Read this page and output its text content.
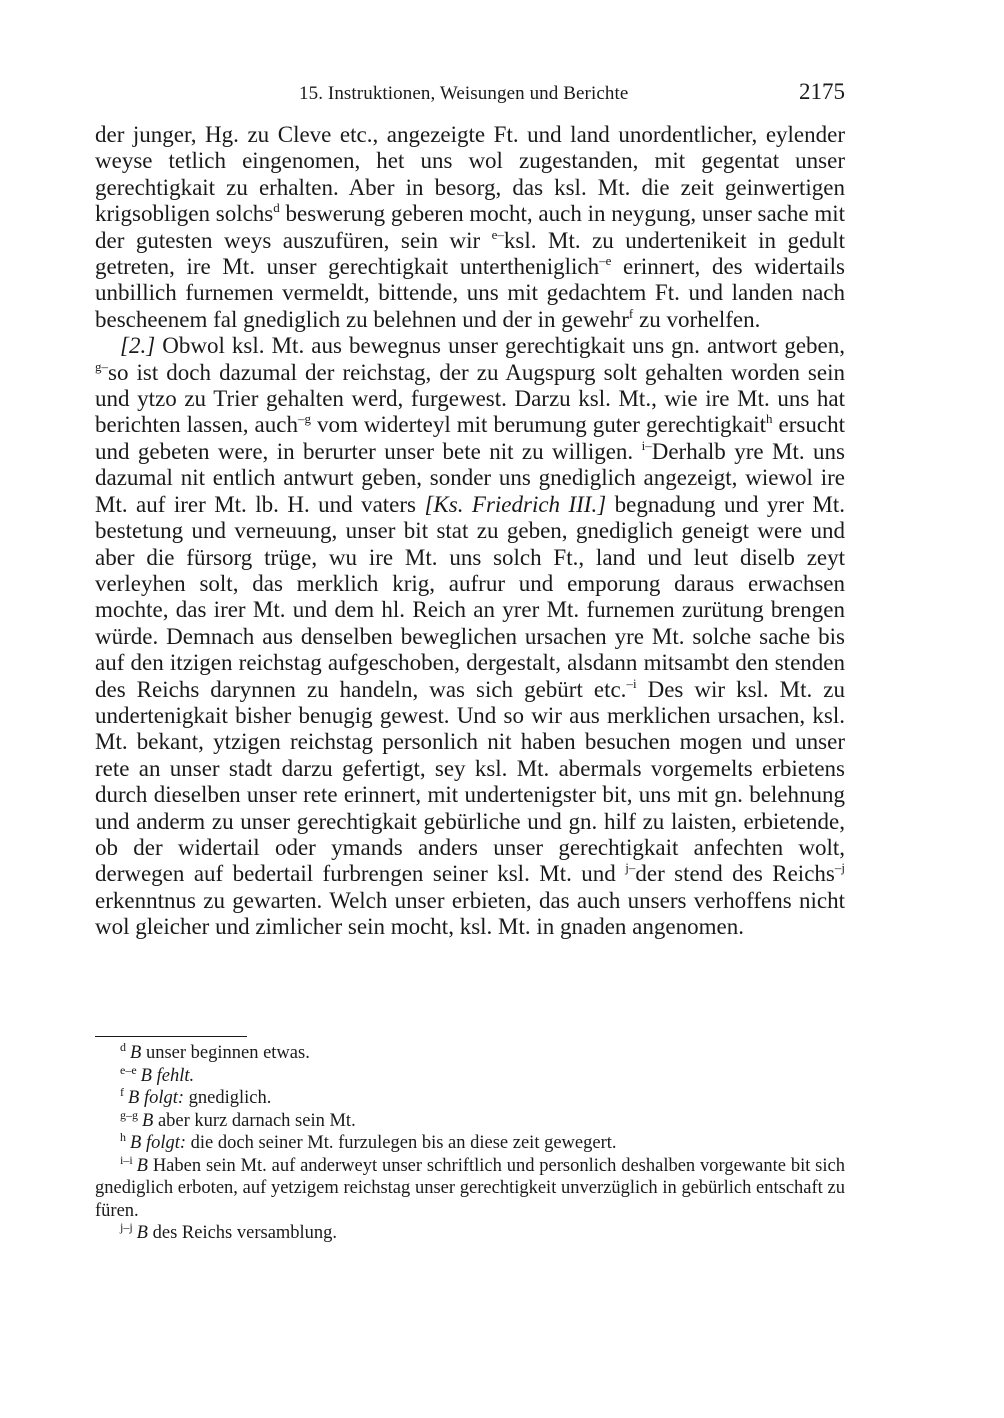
15. Instruktionen, Weisungen und Berichte	2175

der junger, Hg. zu Cleve etc., angezeigte Ft. und land unordentlicher, eylender weyse tetlich eingenomen, het uns wol zugestanden, mit gegentat unser gerechtigkait zu erhalten. Aber in besorg, das ksl. Mt. die zeit geinwertigen krigsobligen solchs$^d$ beswerung geberen mocht, auch in neygung, unser sache mit der gutesten weys auszufüren, sein wir $^{e-}$ksl. Mt. zu undertenikeit in gedult getreten, ire Mt. unser gerechtigkait untertheniglich$^{-e}$ erinnert, des widertails unbillich furnemen vermeldt, bittende, uns mit gedachtem Ft. und landen nach bescheenem fal gnediglich zu belehnen und der in gewehr$^f$ zu vorhelfen.

[2.] Obwol ksl. Mt. aus bewegnus unser gerechtigkait uns gn. antwort geben, $^{g-}$so ist doch dazumal der reichstag, der zu Augspurg solt gehalten worden sein und ytzo zu Trier gehalten werd, furgewest. Darzu ksl. Mt., wie ire Mt. uns hat berichten lassen, auch$^{-g}$ vom widerteyl mit berumung guter gerechtigkait$^h$ ersucht und gebeten were, in berurter unser bete nit zu willigen. $^{i-}$Derhalb yre Mt. uns dazumal nit entlich antwurt geben, sonder uns gnediglich angezeigt, wiewol ire Mt. auf irer Mt. lb. H. und vaters [Ks. Friedrich III.] begnadung und yrer Mt. bestetung und verneuung, unser bit stat zu geben, gnediglich geneigt were und aber die fürsorg trüge, wu ire Mt. uns solch Ft., land und leut diselb zeyt verleyhen solt, das merklich krig, aufrur und emporung daraus erwachsen mochte, das irer Mt. und dem hl. Reich an yrer Mt. furnemen zurütung brengen würde. Demnach aus denselben beweglichen ursachen yre Mt. solche sache bis auf den itzigen reichstag aufgeschoben, dergestalt, alsdann mitsambt den stenden des Reichs darynnen zu handeln, was sich gebürt etc.$^{-i}$ Des wir ksl. Mt. zu undertenigkait bisher benugig gewest. Und so wir aus merklichen ursachen, ksl. Mt. bekant, ytzigen reichstag personlich nit haben besuchen mogen und unser rete an unser stadt darzu gefertigt, sey ksl. Mt. abermals vorgemelts erbietens durch dieselben unser rete erinnert, mit undertenigster bit, uns mit gn. belehnung und anderm zu unser gerechtigkait gebürliche und gn. hilf zu laisten, erbietende, ob der widertail oder ymands anders unser gerechtigkait anfechten wolt, derwegen auf bedertail furbrengen seiner ksl. Mt. und $^{j-}$der stend des Reichs$^{-j}$ erkenntnus zu gewarten. Welch unser erbieten, das auch unsers verhoffens nicht wol gleicher und zimlicher sein mocht, ksl. Mt. in gnaden angenomen.

$^d$ B unser beginnen etwas.
$^{e-e}$ B fehlt.
$^f$ B folgt: gnediglich.
$^{g-g}$ B aber kurz darnach sein Mt.
$^h$ B folgt: die doch seiner Mt. furzulegen bis an diese zeit gewegert.
$^{i-i}$ B Haben sein Mt. auf anderweyt unser schriftlich und personlich deshalben vorgewante bit sich gnediglich erboten, auf yetzigem reichstag unser gerechtigkeit unverzüglich in gebürlich entschaft zu füren.
$^{j-j}$ B des Reichs versamblung.
